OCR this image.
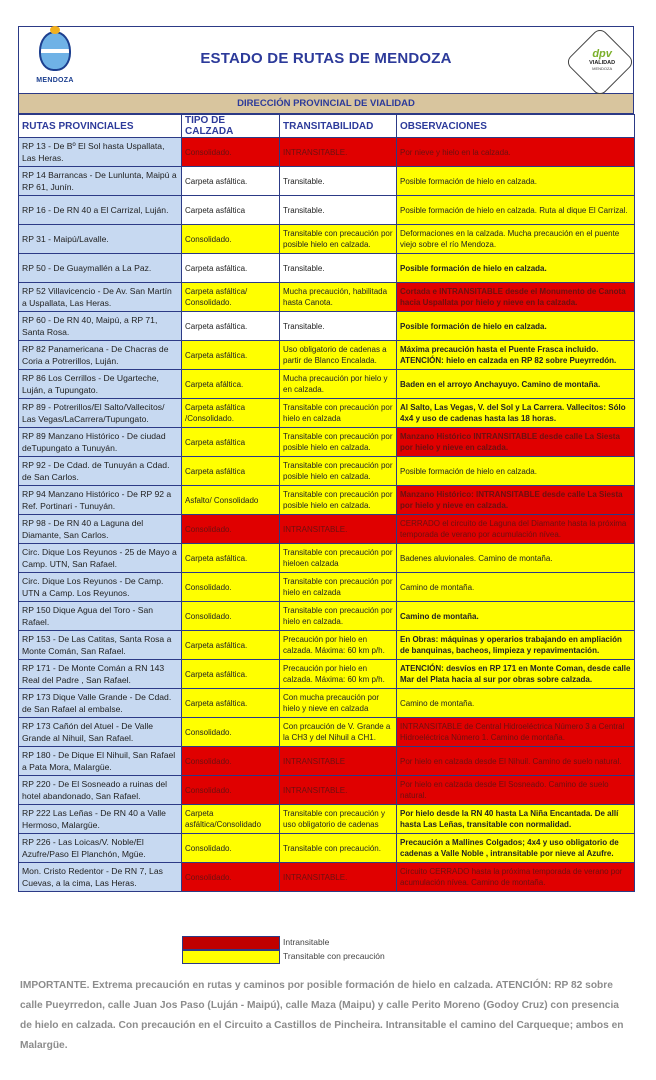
MENDOZA
ESTADO DE RUTAS DE MENDOZA	dpv
VIALIDAD
MENDOZA
DIRECCIÓN PROVINCIAL DE VIALIDAD
RUTAS PROVINCIALES	TIPO DE CALZADA	TRANSITABILIDAD	OBSERVACIONES
RP 13 - De Bº El Sol hasta Uspallata, Las Heras.	Consolidado.	INTRANSITABLE.	Por nieve y hielo en la calzada.
RP 14 Barrancas - De Lunlunta, Maipú a RP 61, Junín.	Carpeta asfáltica.	Transitable.	Posible formación de hielo en calzada.
RP 16 - De RN 40 a El Carrizal, Luján.	Carpeta asfáltica	Transitable.	Posible formación de hielo en calzada. Ruta al dique El Carrizal.
RP 31 - Maipú/Lavalle.	Consolidado.	Transitable con precaución por posible hielo en calzada.	Deformaciones en la calzada. Mucha precaución en el puente viejo sobre el río Mendoza.
RP 50 - De Guaymallén a La Paz.	Carpeta asfáltica.	Transitable.	Posible formación de hielo en calzada.
RP 52 Villavicencio - De Av. San Martín a Uspallata, Las Heras.	Carpeta asfáltica/ Consolidado.	Mucha precaución, habilitada hasta Canota.	Cortada e INTRANSITABLE desde el Monumento de Canota hacia Uspallata por hielo y nieve en la calzada.
RP 60 - De RN 40, Maipú, a RP 71, Santa Rosa.	Carpeta asfáltica.	Transitable.	Posible formación de hielo en calzada.
RP 82 Panamericana - De Chacras de Coria a Potrerillos, Luján.	Carpeta asfáltica.	Uso obligatorio de cadenas a partir de Blanco Encalada.	Máxima precaución hasta el Puente Frasca incluido. ATENCIÓN: hielo en calzada en RP 82 sobre Pueyrredón.
RP 86 Los Cerrillos - De Ugarteche, Luján, a Tupungato.	Carpeta afáltica.	Mucha precaución por hielo y en calzada.	Baden en el arroyo Anchayuyo. Camino de montaña.
RP 89 - Potrerillos/El Salto/Vallecitos/ Las Vegas/LaCarrera/Tupungato.	Carpeta asfáltica /Consolidado.	Transitable con precaución por hielo en calzada	Al Salto, Las Vegas, V. del Sol y La Carrera. Vallecitos: Sólo 4x4 y uso de cadenas hasta las 18 horas.
RP 89 Manzano Histórico - De ciudad deTupungato a Tunuyán.	Carpeta asfáltica	Transitable con precaución por posible hielo en calzada.	Manzano Histórico INTRANSITABLE desde calle La Siesta por hielo y nieve en calzada.
RP 92 - De Cdad. de Tunuyán a Cdad. de San Carlos.	Carpeta asfáltica	Transitable con precaución por posible hielo en calzada.	Posible formación de hielo en calzada.
RP 94 Manzano Histórico - De RP 92 a Ref. Portinari - Tunuyán.	Asfalto/ Consolidado	Transitable con precaución por posible hielo en calzada.	Manzano Histórico: INTRANSITABLE desde calle La Siesta por hielo y nieve en calzada.
RP 98 - De RN 40 a Laguna del Diamante, San Carlos.	Consolidado.	INTRANSITABLE.	CERRADO el circuito de Laguna del Diamante hasta la próxima temporada de verano por acumulación nívea.
Circ. Dique Los Reyunos - 25 de Mayo a Camp. UTN, San Rafael.	Carpeta asfáltica.	Transitable con precaución por hieloen calzada	Badenes aluvionales. Camino de montaña.
Circ. Dique Los Reyunos - De Camp. UTN a Camp. Los Reyunos.	Consolidado.	Transitable con precaución por hielo en calzada	Camino de montaña.
RP 150 Dique Agua del Toro - San Rafael.	Consolidado.	Transitable con precaución por hielo en calzada.	Camino de montaña.
RP 153 - De Las Catitas, Santa Rosa a Monte Comán, San Rafael.	Carpeta asfáltica.	Precaución por hielo en calzada. Máxima: 60 km p/h.	En Obras: máquinas y operarios trabajando en ampliación de banquinas, bacheos, limpieza y repavimentación.
RP 171 - De Monte Comán a RN 143 Real del Padre , San Rafael.	Carpeta asfáltica.	Precaución por hielo en calzada. Máxima: 60 km p/h.	ATENCIÓN: desvíos en RP 171 en Monte Coman, desde calle Mar del Plata hacia al sur por obras sobre calzada.
RP 173 Dique Valle Grande - De Cdad. de San Rafael al embalse.	Carpeta asfáltica.	Con mucha precaución por hielo y nieve en calzada	Camino de montaña.
RP 173 Cañón del Atuel - De Valle Grande al Nihuil, San Rafael.	Consolidado.	Con prcaución de V. Grande a la CH3 y del Nihuil a CH1.	INTRANSITABLE de Central Hidroeléctrica Número 3 a Central Hidroeléctrica Número 1. Camino de montaña.
RP 180 - De Dique El Nihuil, San Rafael a Pata Mora, Malargüe.	Consolidado.	INTRANSITABLE	Por hielo en calzada desde El Nihuil. Camino de suelo natural.
RP 220 - De El Sosneado a ruinas del hotel abandonado, San Rafael.	Consolidado.	INTRANSITABLE.	Por hielo en calzada desde El Sosneado. Camino de suelo natural.
RP 222 Las Leñas - De RN 40 a Valle Hermoso, Malargüe.	Carpeta asfáltica/Consolidado	Transitable con precaución y uso obligatorio de cadenas	Por hielo desde la RN 40 hasta La Niña Encantada. De allí hasta Las Leñas, transitable con normalidad.
RP 226 - Las Loicas/V. Noble/El Azufre/Paso El Planchón, Mgüe.	Consolidado.	Transitable con precaución.	Precaución a Mallines Colgados; 4x4 y uso obligatorio de cadenas a Valle Noble , intransitable por nieve al Azufre.
Mon. Cristo Redentor - De RN 7, Las Cuevas, a la cima, Las Heras.	Consolidado.	INTRANSITABLE.	Circuito CERRADO hasta la próxima temporada de verano por acumulación nívea. Camino de montaña.
Intransitable
Transitable con precaución
IMPORTANTE. Extrema precaución en rutas y caminos por posible formación de hielo en calzada. ATENCIÓN: RP 82 sobre calle Pueyrredon, calle Juan Jos Paso (Luján - Maipú), calle Maza (Maipu) y calle Perito Moreno (Godoy Cruz) con presencia de hielo en calzada. Con precaución en el Circuito a Castillos de Pincheira. Intransitable el camino del Carqueque; ambos en Malargüe.
